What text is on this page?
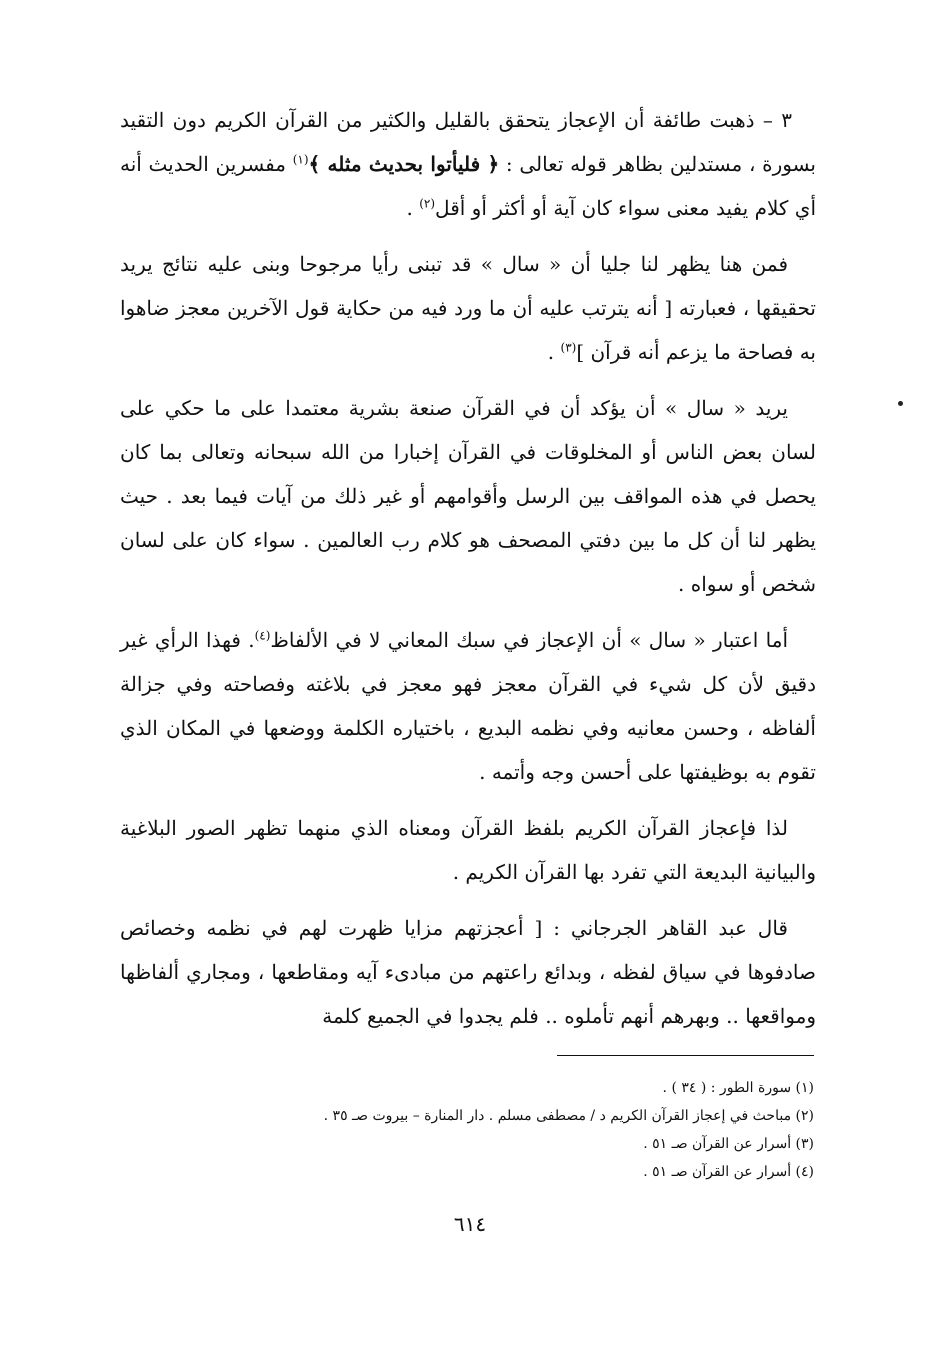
٣ – ذهبت طائفة أن الإعجاز يتحقق بالقليل والكثير من القرآن الكريم دون التقيد بسورة ، مستدلين بظاهر قوله تعالى : ﴿ فليأتوا بحديث مثله ﴾$^{(١)}$ مفسرين الحديث أنه أي كلام يفيد معنى سواء كان آية أو أكثر أو أقل$^{(٢)}$ .

فمن هنا يظهر لنا جليا أن « سال » قد تبنى رأيا مرجوحا وبنى عليه نتائج يريد تحقيقها ، فعبارته [ أنه يترتب عليه أن ما ورد فيه من حكاية قول الآخرين معجز ضاهوا به فصاحة ما يزعم أنه قرآن ]$^{(٣)}$ .

يريد « سال » أن يؤكد أن في القرآن صنعة بشرية معتمدا على ما حكي على لسان بعض الناس أو المخلوقات في القرآن إخبارا من الله سبحانه وتعالى بما كان يحصل في هذه المواقف بين الرسل وأقوامهم أو غير ذلك من آيات فيما بعد . حيث يظهر لنا أن كل ما بين دفتي المصحف هو كلام رب العالمين . سواء كان على لسان شخص أو سواه .

أما اعتبار « سال » أن الإعجاز في سبك المعاني لا في الألفاظ$^{(٤)}$. فهذا الرأي غير دقيق لأن كل شيء في القرآن معجز فهو معجز في بلاغته وفصاحته وفي جزالة ألفاظه ، وحسن معانيه وفي نظمه البديع ، باختياره الكلمة ووضعها في المكان الذي تقوم به بوظيفتها على أحسن وجه وأتمه .

لذا فإعجاز القرآن الكريم بلفظ القرآن ومعناه الذي منهما تظهر الصور البلاغية والبيانية البديعة التي تفرد بها القرآن الكريم .

قال عبد القاهر الجرجاني : [ أعجزتهم مزايا ظهرت لهم في نظمه وخصائص صادفوها في سياق لفظه ، وبدائع راعتهم من مبادىء آيه ومقاطعها ، ومجاري ألفاظها ومواقعها .. وبهرهم أنهم تأملوه .. فلم يجدوا في الجميع كلمة

(١) سورة الطور : ( ٣٤ ) .

(٢) مباحث في إعجاز القرآن الكريم د / مصطفى مسلم . دار المنارة – بيروت صـ ٣٥ .

(٣) أسرار عن القرآن صـ ٥١ .

(٤) أسرار عن القرآن صـ ٥١ .

٦١٤
